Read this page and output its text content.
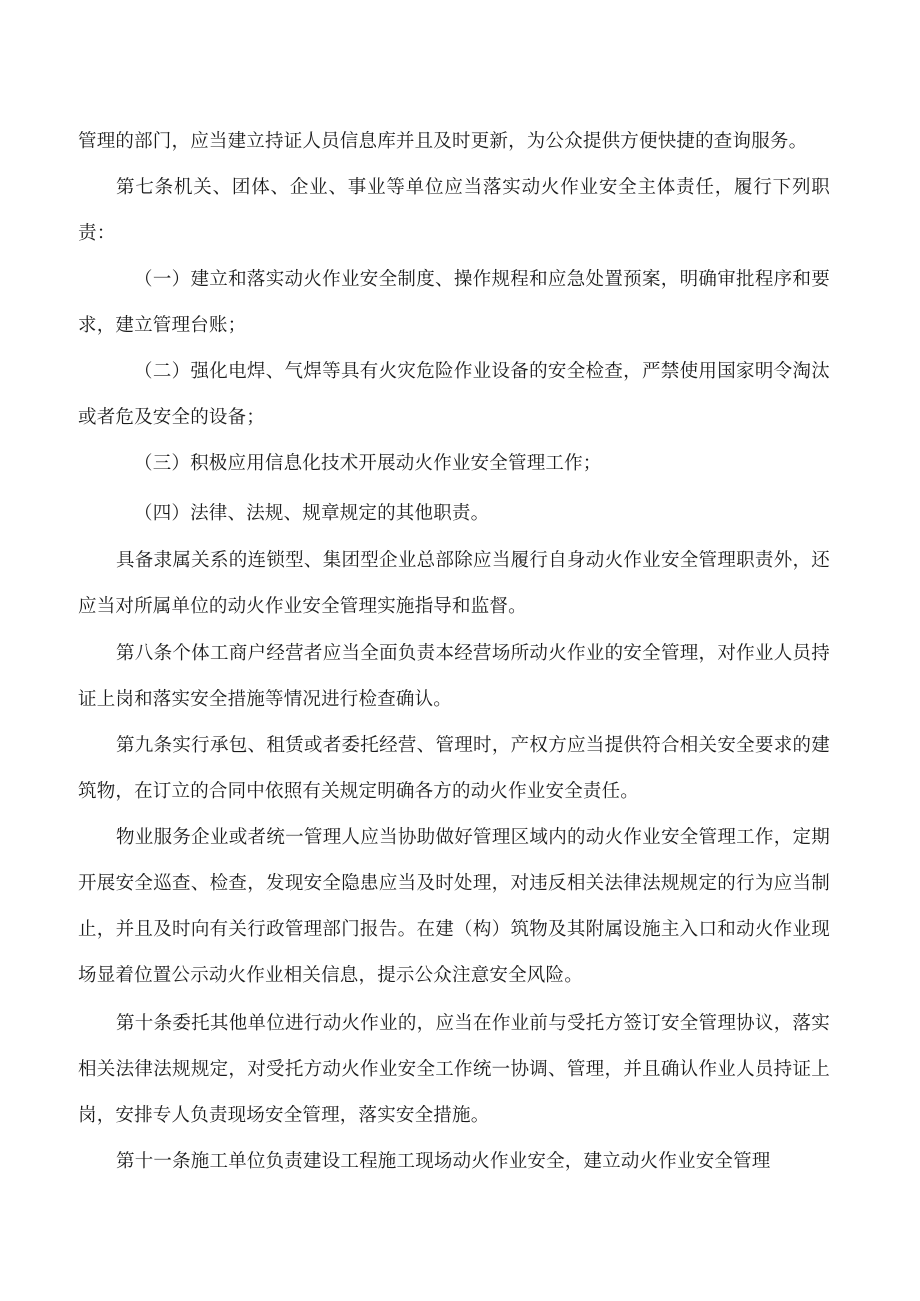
管理的部门，应当建立持证人员信息库并且及时更新，为公众提供方便快捷的查询服务。

第七条机关、团体、企业、事业等单位应当落实动火作业安全主体责任，履行下列职责：

（一）建立和落实动火作业安全制度、操作规程和应急处置预案，明确审批程序和要求，建立管理台账；

（二）强化电焊、气焊等具有火灾危险作业设备的安全检查，严禁使用国家明令淘汰或者危及安全的设备；

（三）积极应用信息化技术开展动火作业安全管理工作；

（四）法律、法规、规章规定的其他职责。

具备隶属关系的连锁型、集团型企业总部除应当履行自身动火作业安全管理职责外，还应当对所属单位的动火作业安全管理实施指导和监督。

第八条个体工商户经营者应当全面负责本经营场所动火作业的安全管理，对作业人员持证上岗和落实安全措施等情况进行检查确认。

第九条实行承包、租赁或者委托经营、管理时，产权方应当提供符合相关安全要求的建筑物，在订立的合同中依照有关规定明确各方的动火作业安全责任。

物业服务企业或者统一管理人应当协助做好管理区域内的动火作业安全管理工作，定期开展安全巡查、检查，发现安全隐患应当及时处理，对违反相关法律法规规定的行为应当制止，并且及时向有关行政管理部门报告。在建（构）筑物及其附属设施主入口和动火作业现场显着位置公示动火作业相关信息，提示公众注意安全风险。

第十条委托其他单位进行动火作业的，应当在作业前与受托方签订安全管理协议，落实相关法律法规规定，对受托方动火作业安全工作统一协调、管理，并且确认作业人员持证上岗，安排专人负责现场安全管理，落实安全措施。

第十一条施工单位负责建设工程施工现场动火作业安全，建立动火作业安全管理
